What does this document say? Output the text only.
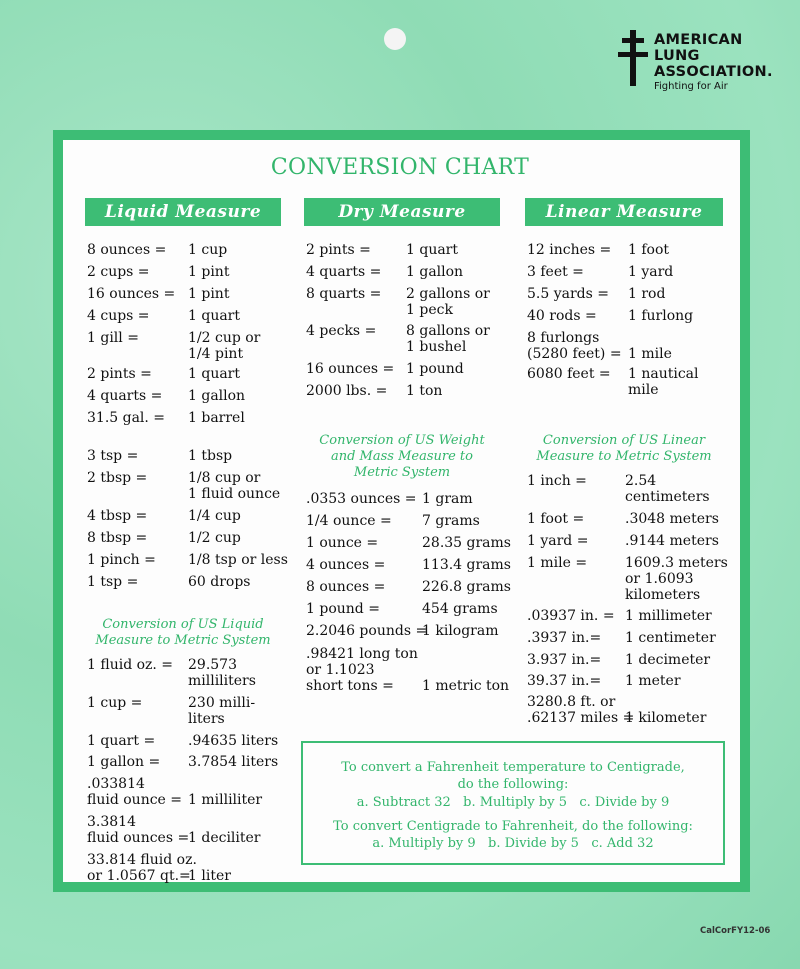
AMERICAN
LUNG
ASSOCIATION.
Fighting for Air
CONVERSION CHART
Liquid Measure	Dry Measure	Linear Measure
8 ounces = 1 cup
2 cups =	1 pint
16 ounces = 1 pint
4 cups =	1 quart
1 gill =	1/2 cup or
1/4 pint
2 pints =	1 quart
4 quarts = 1 gallon
31.5 gal. = 1 barrel
3 tsp =	1 tbsp
2 tbsp =	1/8 cup or
1 fluid ounce
4 tbsp =	1/4 cup
8 tbsp =	1/2 cup
1 pinch = 1/8 tsp or less
1 tsp =	60 drops
Conversion of US Liquid
Measure to Metric System
1 fluid oz. = 29.573
milliliters
1 cup =	230 milli-
liters
1 quart = .94635 liters
1 gallon = 3.7854 liters
.033814
fluid ounce =
1 milliliter
3.3814
fluid ounces =

1 deciliter
33.814 fluid oz.
or 1.0567 qt.=

1 liter
2 pints =	1 quart
4 quarts = 1 gallon
8 quarts = 2 gallons or
1 peck
4 pecks = 8 gallons or
1 bushel
16 ounces = 1 pound
2000 lbs. = 1 ton
Conversion of US Weight
and Mass Measure to
Metric System
.0353 ounces = 1 gram
1/4 ounce = 7 grams
1 ounce =	28.35 grams
4 ounces =	113.4 grams
8 ounces =	226.8 grams
1 pound =	454 grams
2.2046 pounds =
1 kilogram
.98421 long ton
or 1.1023
short tons =

1 metric ton
12 inches = 1 foot
3 feet =	1 yard
5.5 yards = 1 rod
40 rods = 1 furlong
8 furlongs
(5280 feet) =
1 mile
6080 feet = 1 nautical
mile
Conversion of US Linear
Measure to Metric System
1 inch =	2.54
centimeters
1 foot =	.3048 meters
1 yard =	.9144 meters
1 mile =	1609.3 meters
or 1.6093
kilometers
.03937 in. = 1 millimeter
.3937 in.= 1 centimeter
3.937 in.= 1 decimeter
39.37 in.= 1 meter
3280.8 ft. or
.62137 miles =

1 kilometer
To convert a Fahrenheit temperature to Centigrade,
do the following:
a. Subtract 32   b. Multiply by 5   c. Divide by 9
To convert Centigrade to Fahrenheit, do the following:
a. Multiply by 9   b. Divide by 5   c. Add 32
CalCorFY12-06
